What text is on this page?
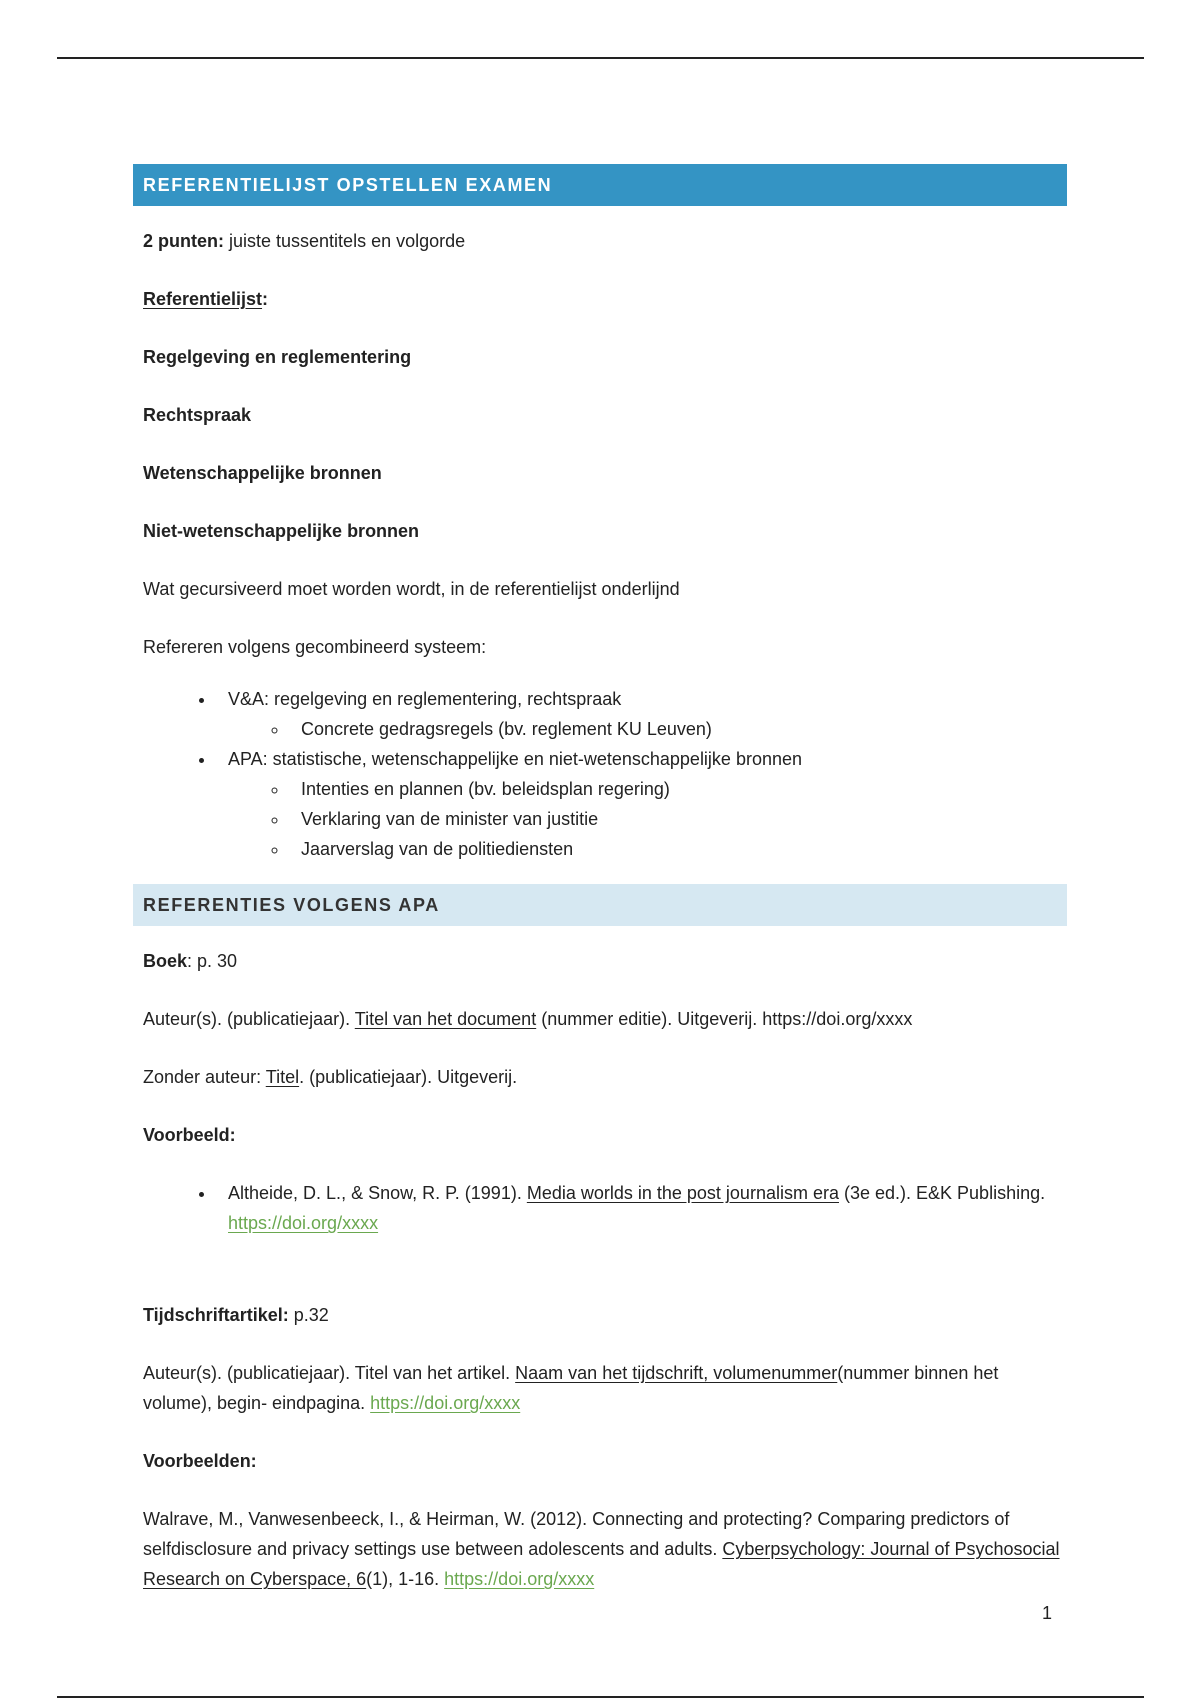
REFERENTIELIJST OPSTELLEN EXAMEN

2 punten: juiste tussentitels en volgorde

Referentielijst:

Regelgeving en reglementering

Rechtspraak

Wetenschappelijke bronnen

Niet-wetenschappelijke bronnen

Wat gecursiveerd moet worden wordt, in de referentielijst onderlijnd

Refereren volgens gecombineerd systeem:

• V&A: regelgeving en reglementering, rechtspraak
◦ Concrete gedragsregels (bv. reglement KU Leuven)
• APA: statistische, wetenschappelijke en niet-wetenschappelijke bronnen
◦ Intenties en plannen (bv. beleidsplan regering)
◦ Verklaring van de minister van justitie
◦ Jaarverslag van de politiediensten
REFERENTIES VOLGENS APA

Boek: p. 30

Auteur(s). (publicatiejaar). Titel van het document (nummer editie). Uitgeverij. https://doi.org/xxxx

Zonder auteur: Titel. (publicatiejaar). Uitgeverij.

Voorbeeld:

• Altheide, D. L., & Snow, R. P. (1991). Media worlds in the post journalism era (3e ed.). E&K Publishing. https://doi.org/xxxx

Tijdschriftartikel: p.32

Auteur(s). (publicatiejaar). Titel van het artikel. Naam van het tijdschrift, volumenummer(nummer binnen het volume), begin- eindpagina. https://doi.org/xxxx

Voorbeelden:

Walrave, M., Vanwesenbeeck, I., & Heirman, W. (2012). Connecting and protecting? Comparing predictors of selfdisclosure and privacy settings use between adolescents and adults. Cyberpsychology: Journal of Psychosocial Research on Cyberspace, 6(1), 1-16. https://doi.org/xxxx

1
